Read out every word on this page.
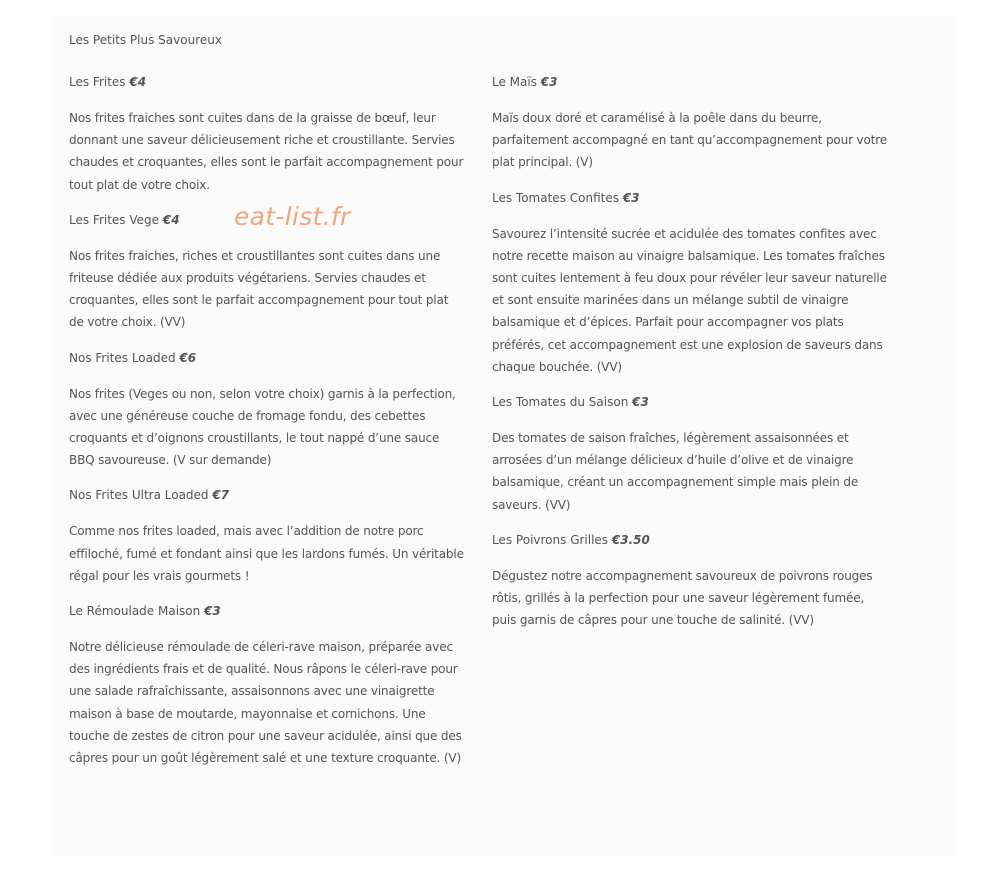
Les Petits Plus Savoureux
Les Frites €4
Nos frites fraiches sont cuites dans de la graisse de bœuf, leur donnant une saveur délicieusement riche et croustillante. Servies chaudes et croquantes, elles sont le parfait accompagnement pour tout plat de votre choix.
Les Frites Vege €4
Nos frites fraiches, riches et croustillantes sont cuites dans une friteuse dédiée aux produits végétariens. Servies chaudes et croquantes, elles sont le parfait accompagnement pour tout plat de votre choix. (VV)
Nos Frites Loaded €6
Nos frites (Veges ou non, selon votre choix) garnis à la perfection, avec une généreuse couche de fromage fondu, des cebettes croquants et d’oignons croustillants, le tout nappé d’une sauce BBQ savoureuse. (V sur demande)
Nos Frites Ultra Loaded €7
Comme nos frites loaded, mais avec l’addition de notre porc effiloché, fumé et fondant ainsi que les lardons fumés. Un véritable régal pour les vrais gourmets !
Le Rémoulade Maison €3
Notre délicieuse rémoulade de céleri-rave maison, préparée avec des ingrédients frais et de qualité. Nous râpons le céleri-rave pour une salade rafraîchissante, assaisonnons avec une vinaigrette maison à base de moutarde, mayonnaise et cornichons. Une touche de zestes de citron pour une saveur acidulée, ainsi que des câpres pour un goût légèrement salé et une texture croquante. (V)
Le Maïs €3
Maïs doux doré et caramélisé à la poêle dans du beurre, parfaitement accompagné en tant qu’accompagnement pour votre plat principal. (V)
Les Tomates Confites €3
Savourez l’intensité sucrée et acidulée des tomates confites avec notre recette maison au vinaigre balsamique. Les tomates fraîches sont cuites lentement à feu doux pour révéler leur saveur naturelle et sont ensuite marinées dans un mélange subtil de vinaigre balsamique et d’épices. Parfait pour accompagner vos plats préférés, cet accompagnement est une explosion de saveurs dans chaque bouchée. (VV)
Les Tomates du Saison €3
Des tomates de saison fraîches, légèrement assaisonnées et arrosées d’un mélange délicieux d’huile d’olive et de vinaigre balsamique, créant un accompagnement simple mais plein de saveurs. (VV)
Les Poivrons Grilles €3.50
Dégustez notre accompagnement savoureux de poivrons rouges rôtis, grillés à la perfection pour une saveur légèrement fumée, puis garnis de câpres pour une touche de salinité. (VV)
eat-list.fr
